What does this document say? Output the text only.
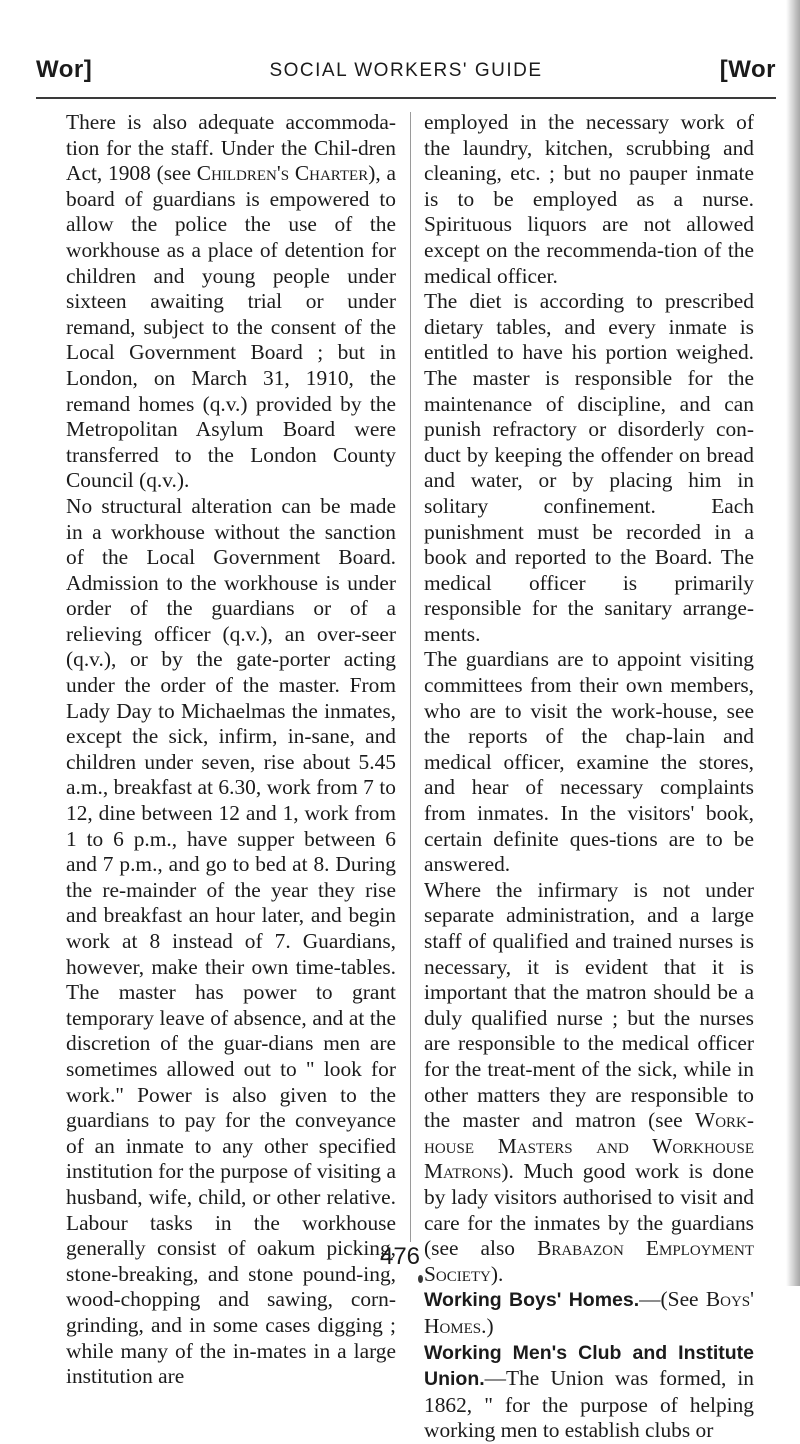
Wor]	SOCIAL WORKERS' GUIDE	[Wor

There is also adequate accommoda-tion for the staff. Under the Chil-dren Act, 1908 (see Children's Charter), a board of guardians is empowered to allow the police the use of the workhouse as a place of detention for children and young people under sixteen awaiting trial or under remand, subject to the consent of the Local Government Board ; but in London, on March 31, 1910, the remand homes (q.v.) provided by the Metropolitan Asylum Board were transferred to the London County Council (q.v.).

No structural alteration can be made in a workhouse without the sanction of the Local Government Board. Admission to the workhouse is under order of the guardians or of a relieving officer (q.v.), an over-seer (q.v.), or by the gate-porter acting under the order of the master. From Lady Day to Michaelmas the inmates, except the sick, infirm, in-sane, and children under seven, rise about 5.45 a.m., breakfast at 6.30, work from 7 to 12, dine between 12 and 1, work from 1 to 6 p.m., have supper between 6 and 7 p.m., and go to bed at 8. During the re-mainder of the year they rise and breakfast an hour later, and begin work at 8 instead of 7. Guardians, however, make their own time-tables. The master has power to grant temporary leave of absence, and at the discretion of the guar-dians men are sometimes allowed out to " look for work." Power is also given to the guardians to pay for the conveyance of an inmate to any other specified institution for the purpose of visiting a husband, wife, child, or other relative. Labour tasks in the workhouse generally consist of oakum picking, stone-breaking, and stone pound-ing, wood-chopping and sawing, corn-grinding, and in some cases digging ; while many of the in-mates in a large institution are

employed in the necessary work of the laundry, kitchen, scrubbing and cleaning, etc. ; but no pauper inmate is to be employed as a nurse. Spirituous liquors are not allowed except on the recommenda-tion of the medical officer.

The diet is according to prescribed dietary tables, and every inmate is entitled to have his portion weighed. The master is responsible for the maintenance of discipline, and can punish refractory or disorderly con-duct by keeping the offender on bread and water, or by placing him in solitary confinement. Each punishment must be recorded in a book and reported to the Board. The medical officer is primarily responsible for the sanitary arrange-ments.

The guardians are to appoint visiting committees from their own members, who are to visit the work-house, see the reports of the chap-lain and medical officer, examine the stores, and hear of necessary complaints from inmates. In the visitors' book, certain definite ques-tions are to be answered.

Where the infirmary is not under separate administration, and a large staff of qualified and trained nurses is necessary, it is evident that it is important that the matron should be a duly qualified nurse ; but the nurses are responsible to the medical officer for the treat-ment of the sick, while in other matters they are responsible to the master and matron (see Work-house Masters and Workhouse Matrons). Much good work is done by lady visitors authorised to visit and care for the inmates by the guardians (see also Brabazon Employment Society).

Working Boys' Homes.—(See Boys' Homes.)

Working Men's Club and Institute Union.—The Union was formed, in 1862, " for the purpose of helping working men to establish clubs or

476
